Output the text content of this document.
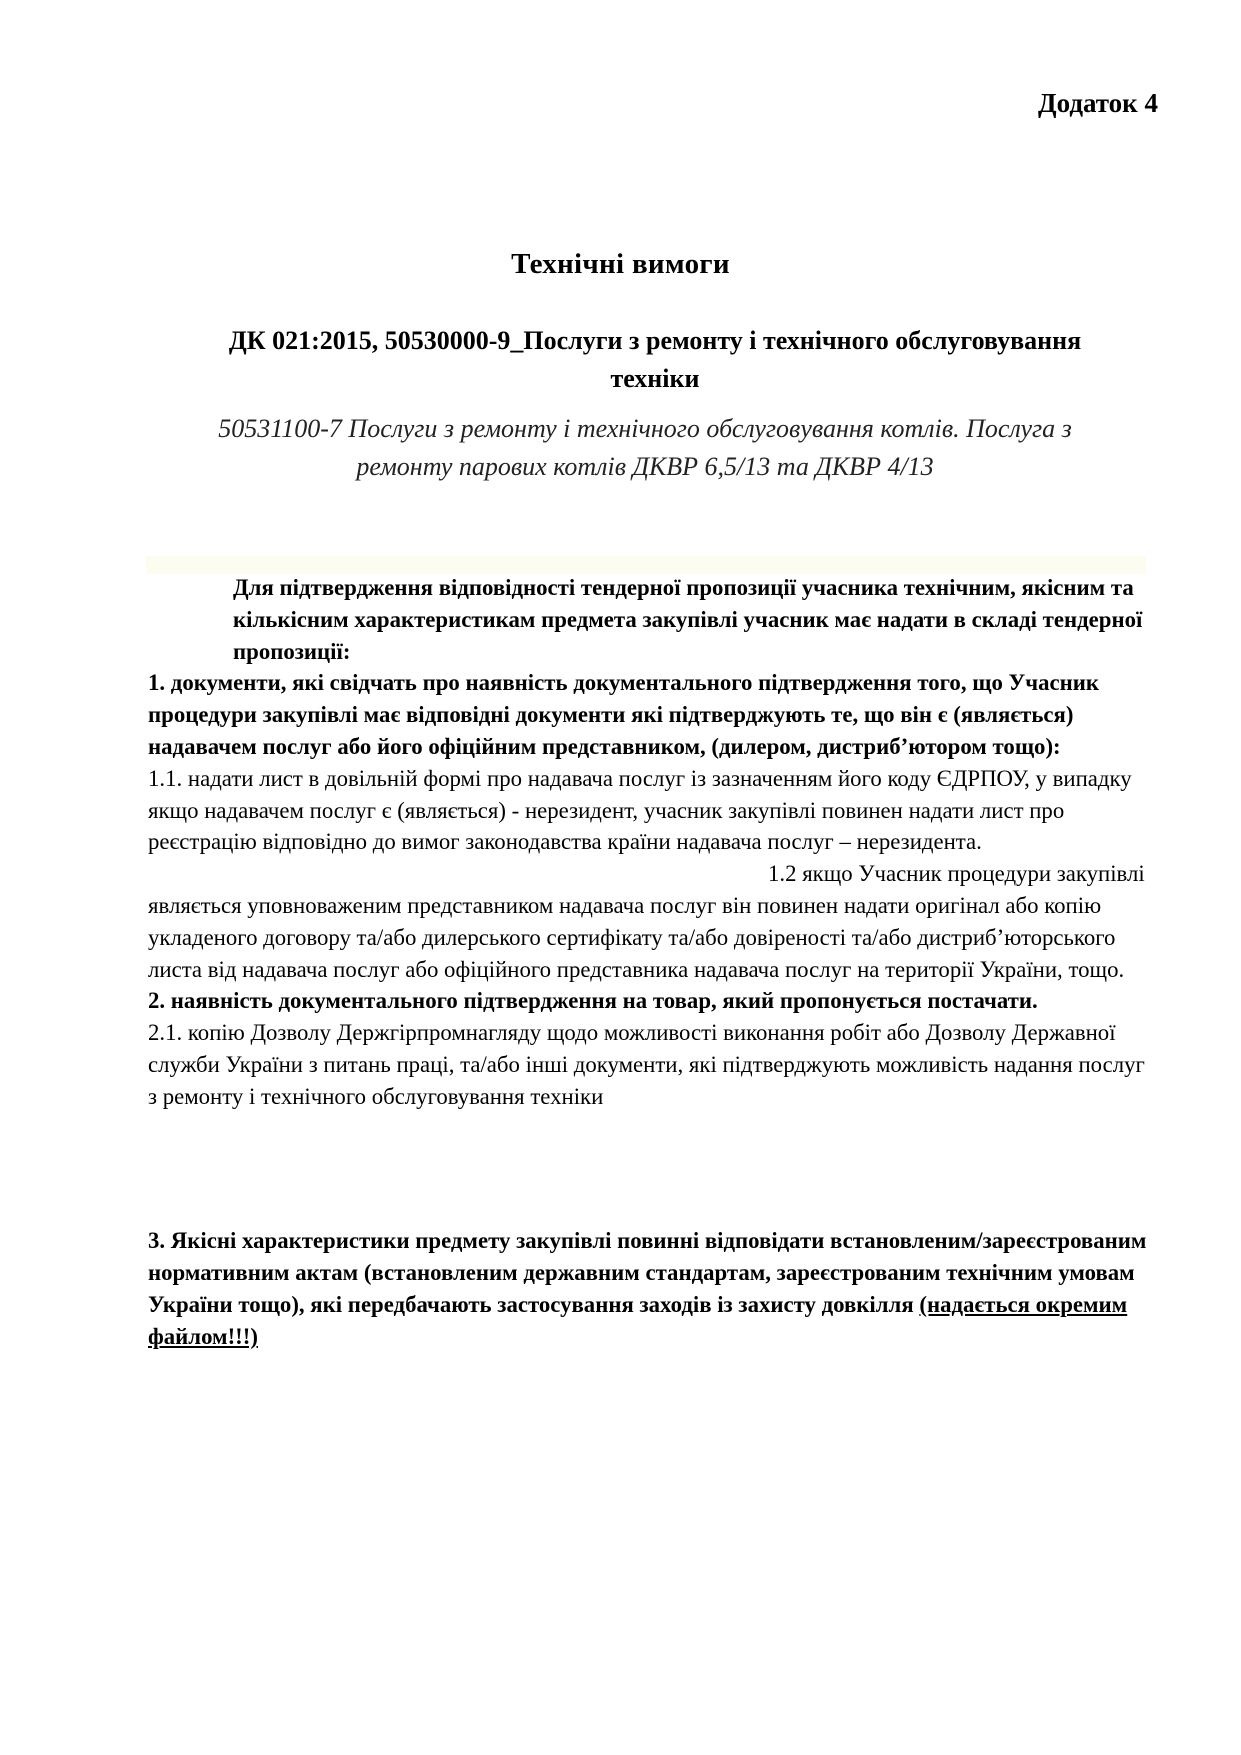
Додаток 4
Технічні вимоги
ДК 021:2015, 50530000-9_Послуги з ремонту і технічного обслуговування
техніки
50531100-7 Послуги з ремонту і технічного обслуговування котлів. Послуга з
ремонту парових котлів ДКВР 6,5/13 та ДКВР 4/13

Для підтвердження відповідності тендерної пропозиції учасника технічним, якісним та кількісним характеристикам предмета закупівлі учасник має надати в складі тендерної пропозиції:

1. документи, які свідчать про наявність документального підтвердження того, що Учасник процедури закупівлі має відповідні документи які підтверджують те, що він є (являється) надавачем послуг або його офіційним представником, (дилером, дистриб’ютором тощо):

1.1. надати лист в довільній формі про надавача послуг із зазначенням його коду ЄДРПОУ, у випадку якщо надавачем послуг є (являється) - нерезидент, учасник закупівлі повинен надати лист про реєстрацію відповідно до вимог законодавства країни надавача послуг – нерезидента.1.2 якщо Учасник процедури закупівлі являється уповноваженим представником надавача послуг він повинен надати оригінал або копію укладеного договору та/або дилерського сертифікату та/або довіреності та/або дистриб’юторського листа від надавача послуг або офіційного представника надавача послуг на території України, тощо.

2. наявність документального підтвердження на товар, який пропонується постачати.

2.1. копію Дозволу Держгірпромнагляду щодо можливості виконання робіт або Дозволу Державної служби України з питань праці, та/або інші документи, які підтверджують можливість надання послуг з ремонту і технічного обслуговування техніки

3. Якісні характеристики предмету закупівлі повинні відповідати встановленим/зареєстрованим нормативним актам (встановленим державним стандартам, зареєстрованим технічним умовам України тощо), які передбачають застосування заходів із захисту довкілля (надається окремим файлом!!!)
